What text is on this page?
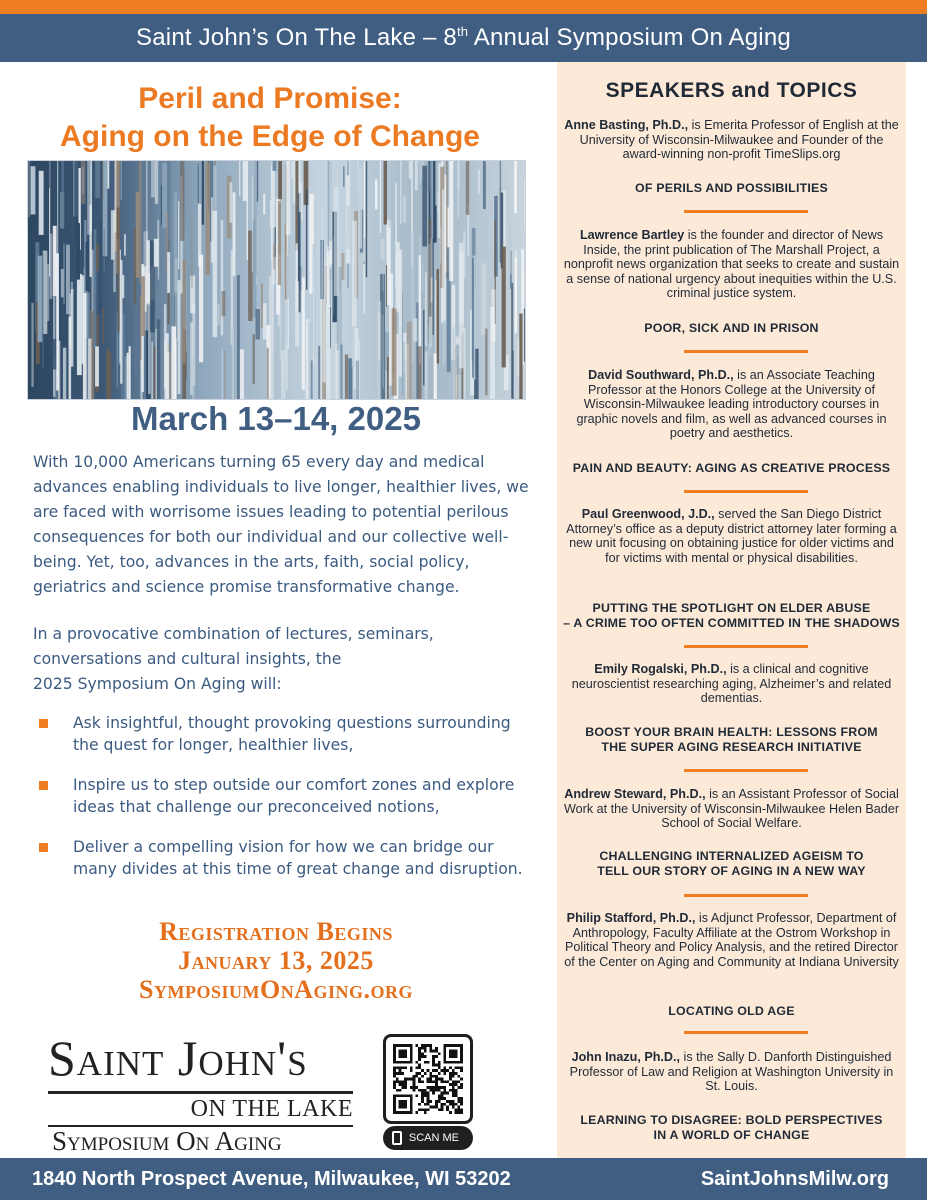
Saint John’s On The Lake – 8th Annual Symposium On Aging
Peril and Promise:
Aging on the Edge of Change
March 13–14, 2025

With 10,000 Americans turning 65 every day and medical advances enabling individuals to live longer, healthier lives, we are faced with worrisome issues leading to potential perilous consequences for both our individual and our collective well-being. Yet, too, advances in the arts, faith, social policy, geriatrics and science promise transformative change.

In a provocative combination of lectures, seminars,
conversations and cultural insights, the
2025 Symposium On Aging will:
Ask insightful, thought provoking questions surrounding the quest for longer, healthier lives,
Inspire us to step outside our comfort zones and explore ideas that challenge our preconceived notions,
Deliver a compelling vision for how we can bridge our many divides at this time of great change and disruption.
Registration Begins
January 13, 2025
SymposiumOnAging.org
Saint John's
ON THE LAKE
Symposium On Aging	SCAN ME
SPEAKERS and TOPICS
Anne Basting, Ph.D., is Emerita Professor of English at the University of Wisconsin-Milwaukee and Founder of the award-winning non-profit TimeSlips.org
OF PERILS AND POSSIBILITIES
Lawrence Bartley is the founder and director of News Inside, the print publication of The Marshall Project, a nonprofit news organization that seeks to create and sustain a sense of national urgency about inequities within the U.S. criminal justice system.
POOR, SICK AND IN PRISON
David Southward, Ph.D., is an Associate Teaching Professor at the Honors College at the University of Wisconsin-Milwaukee leading introductory courses in graphic novels and film, as well as advanced courses in poetry and aesthetics.
PAIN AND BEAUTY: AGING AS CREATIVE PROCESS
Paul Greenwood, J.D., served the San Diego District Attorney’s office as a deputy district attorney later forming a new unit focusing on obtaining justice for older victims and for victims with mental or physical disabilities.
PUTTING THE SPOTLIGHT ON ELDER ABUSE
– A CRIME TOO OFTEN COMMITTED IN THE SHADOWS
Emily Rogalski, Ph.D., is a clinical and cognitive neuroscientist researching aging, Alzheimer’s and related dementias.
BOOST YOUR BRAIN HEALTH: LESSONS FROM
THE SUPER AGING RESEARCH INITIATIVE
Andrew Steward, Ph.D., is an Assistant Professor of Social Work at the University of Wisconsin-Milwaukee Helen Bader School of Social Welfare.
CHALLENGING INTERNALIZED AGEISM TO
TELL OUR STORY OF AGING IN A NEW WAY
Philip Stafford, Ph.D., is Adjunct Professor, Department of Anthropology, Faculty Affiliate at the Ostrom Workshop in Political Theory and Policy Analysis, and the retired Director of the Center on Aging and Community at Indiana University
LOCATING OLD AGE
John Inazu, Ph.D., is the Sally D. Danforth Distinguished Professor of Law and Religion at Washington University in St. Louis.
LEARNING TO DISAGREE: BOLD PERSPECTIVES
IN A WORLD OF CHANGE
1840 North Prospect Avenue, Milwaukee, WI 53202	SaintJohnsMilw.org
